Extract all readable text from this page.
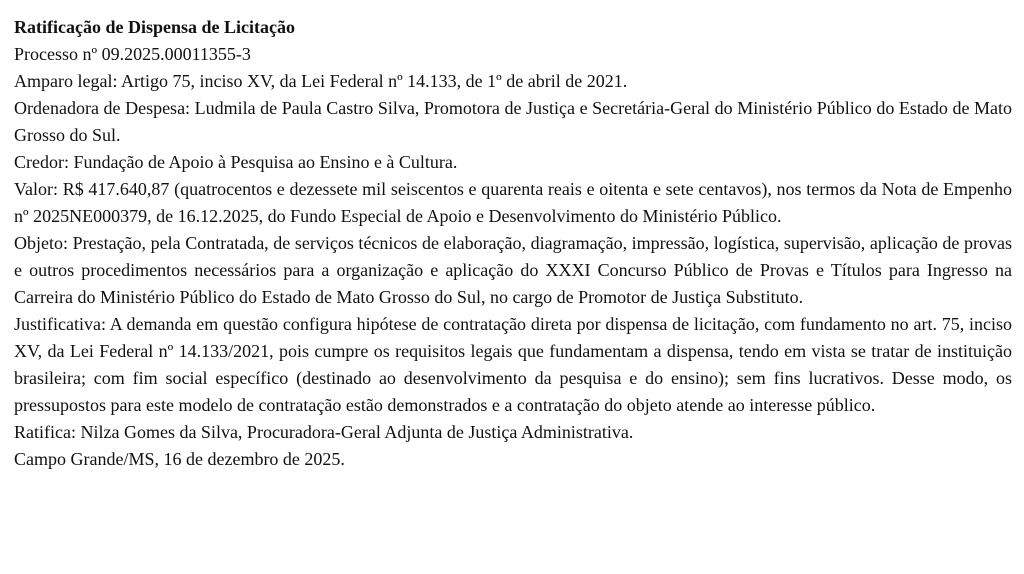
Ratificação de Dispensa de Licitação

Processo nº 09.2025.00011355-3

Amparo legal: Artigo 75, inciso XV, da Lei Federal nº 14.133, de 1º de abril de 2021.

Ordenadora de Despesa: Ludmila de Paula Castro Silva, Promotora de Justiça e Secretária-Geral do Ministério Público do Estado de Mato Grosso do Sul.

Credor: Fundação de Apoio à Pesquisa ao Ensino e à Cultura.

Valor: R$ 417.640,87 (quatrocentos e dezessete mil seiscentos e quarenta reais e oitenta e sete centavos), nos termos da Nota de Empenho nº 2025NE000379, de 16.12.2025, do Fundo Especial de Apoio e Desenvolvimento do Ministério Público.

Objeto: Prestação, pela Contratada, de serviços técnicos de elaboração, diagramação, impressão, logística, supervisão, aplicação de provas e outros procedimentos necessários para a organização e aplicação do XXXI Concurso Público de Provas e Títulos para Ingresso na Carreira do Ministério Público do Estado de Mato Grosso do Sul, no cargo de Promotor de Justiça Substituto.

Justificativa: A demanda em questão configura hipótese de contratação direta por dispensa de licitação, com fundamento no art. 75, inciso XV, da Lei Federal nº 14.133/2021, pois cumpre os requisitos legais que fundamentam a dispensa, tendo em vista se tratar de instituição brasileira; com fim social específico (destinado ao desenvolvimento da pesquisa e do ensino); sem fins lucrativos. Desse modo, os pressupostos para este modelo de contratação estão demonstrados e a contratação do objeto atende ao interesse público.

Ratifica: Nilza Gomes da Silva, Procuradora-Geral Adjunta de Justiça Administrativa.

Campo Grande/MS, 16 de dezembro de 2025.
